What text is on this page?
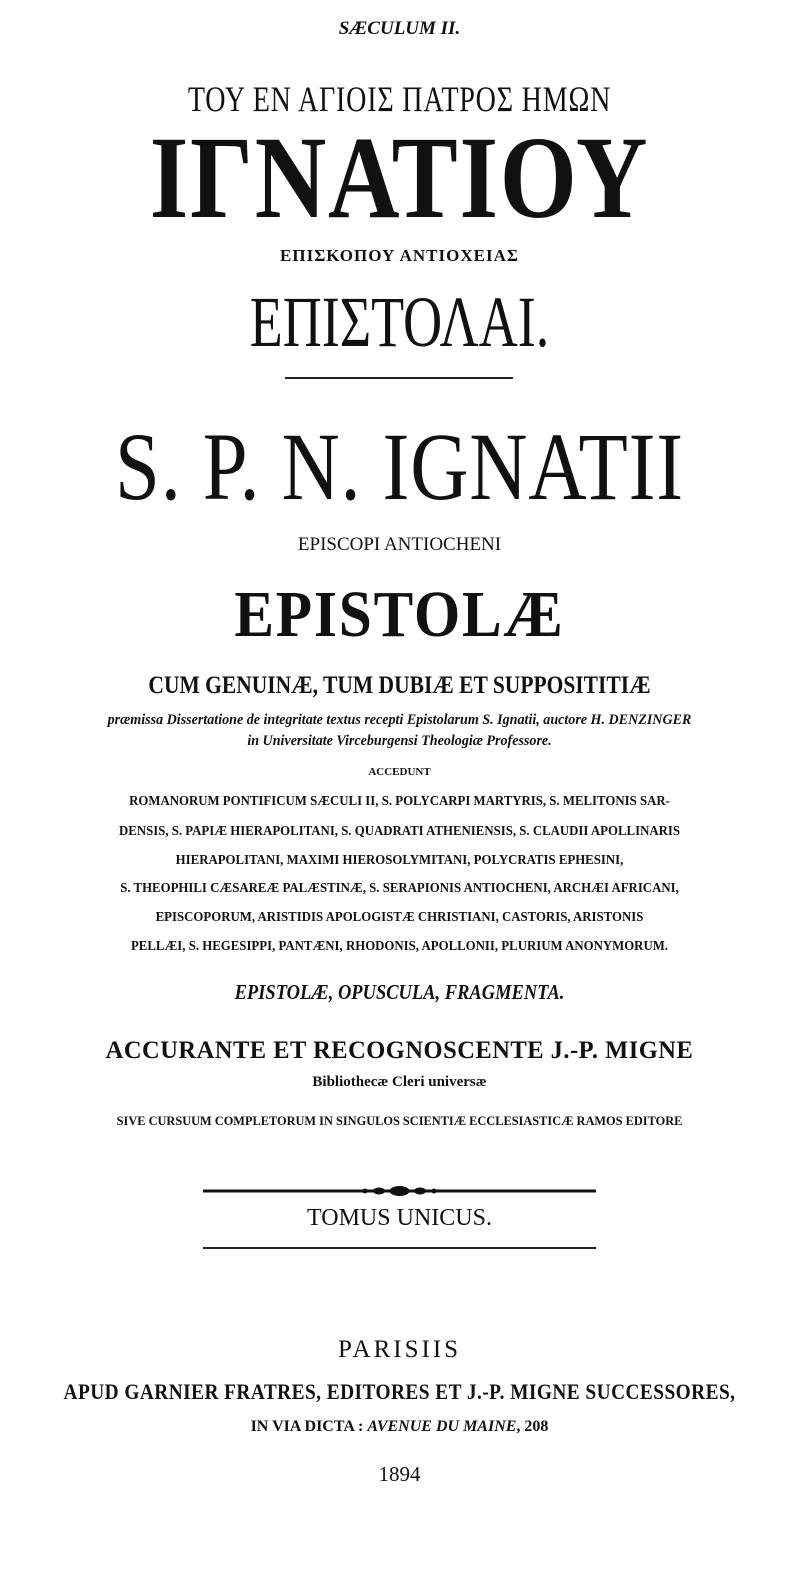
SÆCULUM II.
ΤΟΥ ΕΝ ΑΓΙΟΙΣ ΠΑΤΡΟΣ ΗΜΩΝ
ΙΓΝΑΤΙΟΥ
ΕΠΙΣΚΟΠΟΥ ΑΝΤΙΟΧΕΙΑΣ
ΕΠΙΣΤΟΛΑΙ.
S. P. N. IGNATII
EPISCOPI ANTIOCHENI
EPISTOLÆ
CUM GENUINÆ, TUM DUBIÆ ET SUPPOSITITIÆ
præmissa Dissertatione de integritate textus recepti Epistolarum S. Ignatii, auctore H. DENZINGER
in Universitate Virceburgensi Theologiæ Professore.
ACCEDUNT
ROMANORUM PONTIFICUM SÆCULI II, S. POLYCARPI MARTYRIS, S. MELITONIS SAR-
DENSIS, S. PAPIÆ HIERAPOLITANI, S. QUADRATI ATHENIENSIS, S. CLAUDII APOLLINARIS
HIERAPOLITANI, MAXIMI HIEROSOLYMITANI, POLYCRATIS EPHESINI,
S. THEOPHILI CÆSAREÆ PALÆSTINÆ, S. SERAPIONIS ANTIOCHENI, ARCHÆI AFRICANI,
EPISCOPORUM, ARISTIDIS APOLOGISTÆ CHRISTIANI, CASTORIS, ARISTONIS
PELLÆI, S. HEGESIPPI, PANTÆNI, RHODONIS, APOLLONII, PLURIUM ANONYMORUM.
EPISTOLÆ, OPUSCULA, FRAGMENTA.
ACCURANTE ET RECOGNOSCENTE J.-P. MIGNE
Bibliothecæ Cleri universæ
SIVE CURSUUM COMPLETORUM IN SINGULOS SCIENTIÆ ECCLESIASTICÆ RAMOS EDITORE
TOMUS UNICUS.
PARISIIS
APUD GARNIER FRATRES, EDITORES ET J.-P. MIGNE SUCCESSORES,
IN VIA DICTA : AVENUE DU MAINE, 208
1894
